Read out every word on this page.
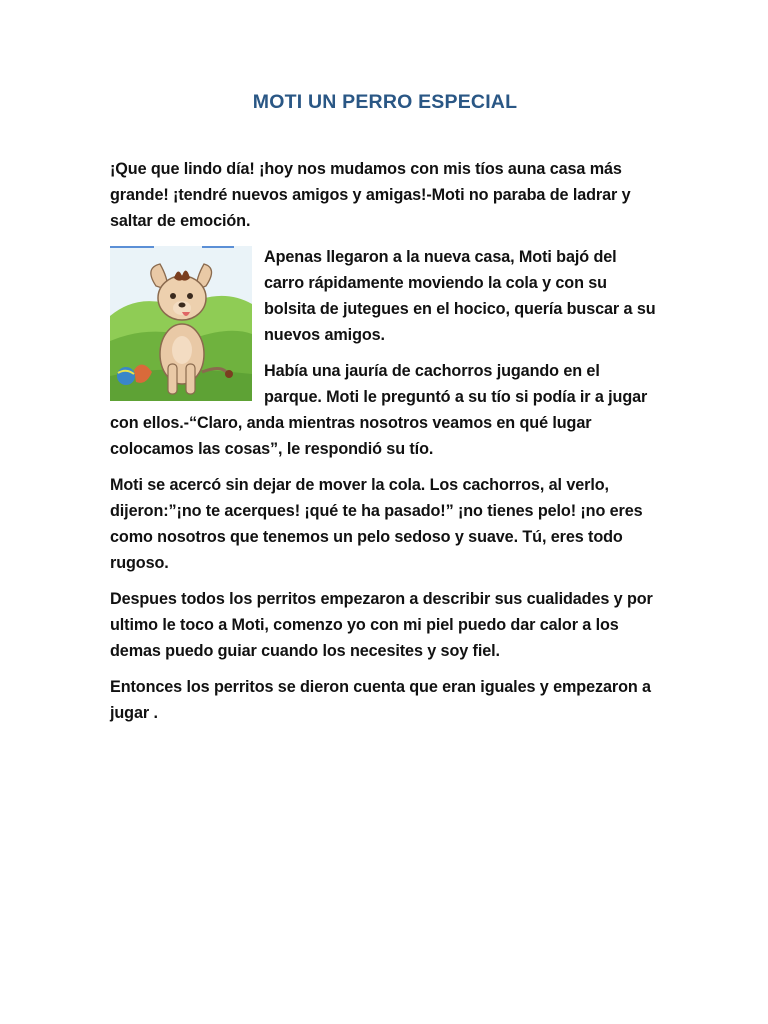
MOTI UN PERRO ESPECIAL

¡Que que lindo día! ¡hoy nos mudamos con mis tíos auna casa más grande! ¡tendré nuevos amigos y amigas!-Moti no paraba de ladrar y saltar de emoción.

Apenas llegaron a la nueva casa, Moti bajó del carro rápidamente moviendo la cola y con su bolsita de jutegues en el hocico, quería buscar a su nuevos amigos.

Había una jauría de cachorros jugando en el parque. Moti le preguntó a su tío si podía ir a jugar con ellos.-“Claro, anda mientras nosotros veamos en qué lugar colocamos las cosas”, le respondió su tío.

Moti se acercó sin dejar de mover la cola. Los cachorros, al verlo, dijeron:”¡no te acerques! ¡qué te ha pasado!” ¡no tienes pelo! ¡no eres como nosotros que tenemos un pelo sedoso y suave. Tú, eres todo rugoso.

Despues todos los perritos empezaron a describir sus cualidades y por ultimo le toco a Moti, comenzo yo con mi piel puedo dar calor a los demas puedo guiar cuando los necesites y soy fiel.

Entonces los perritos se dieron cuenta que eran iguales y empezaron a jugar .
